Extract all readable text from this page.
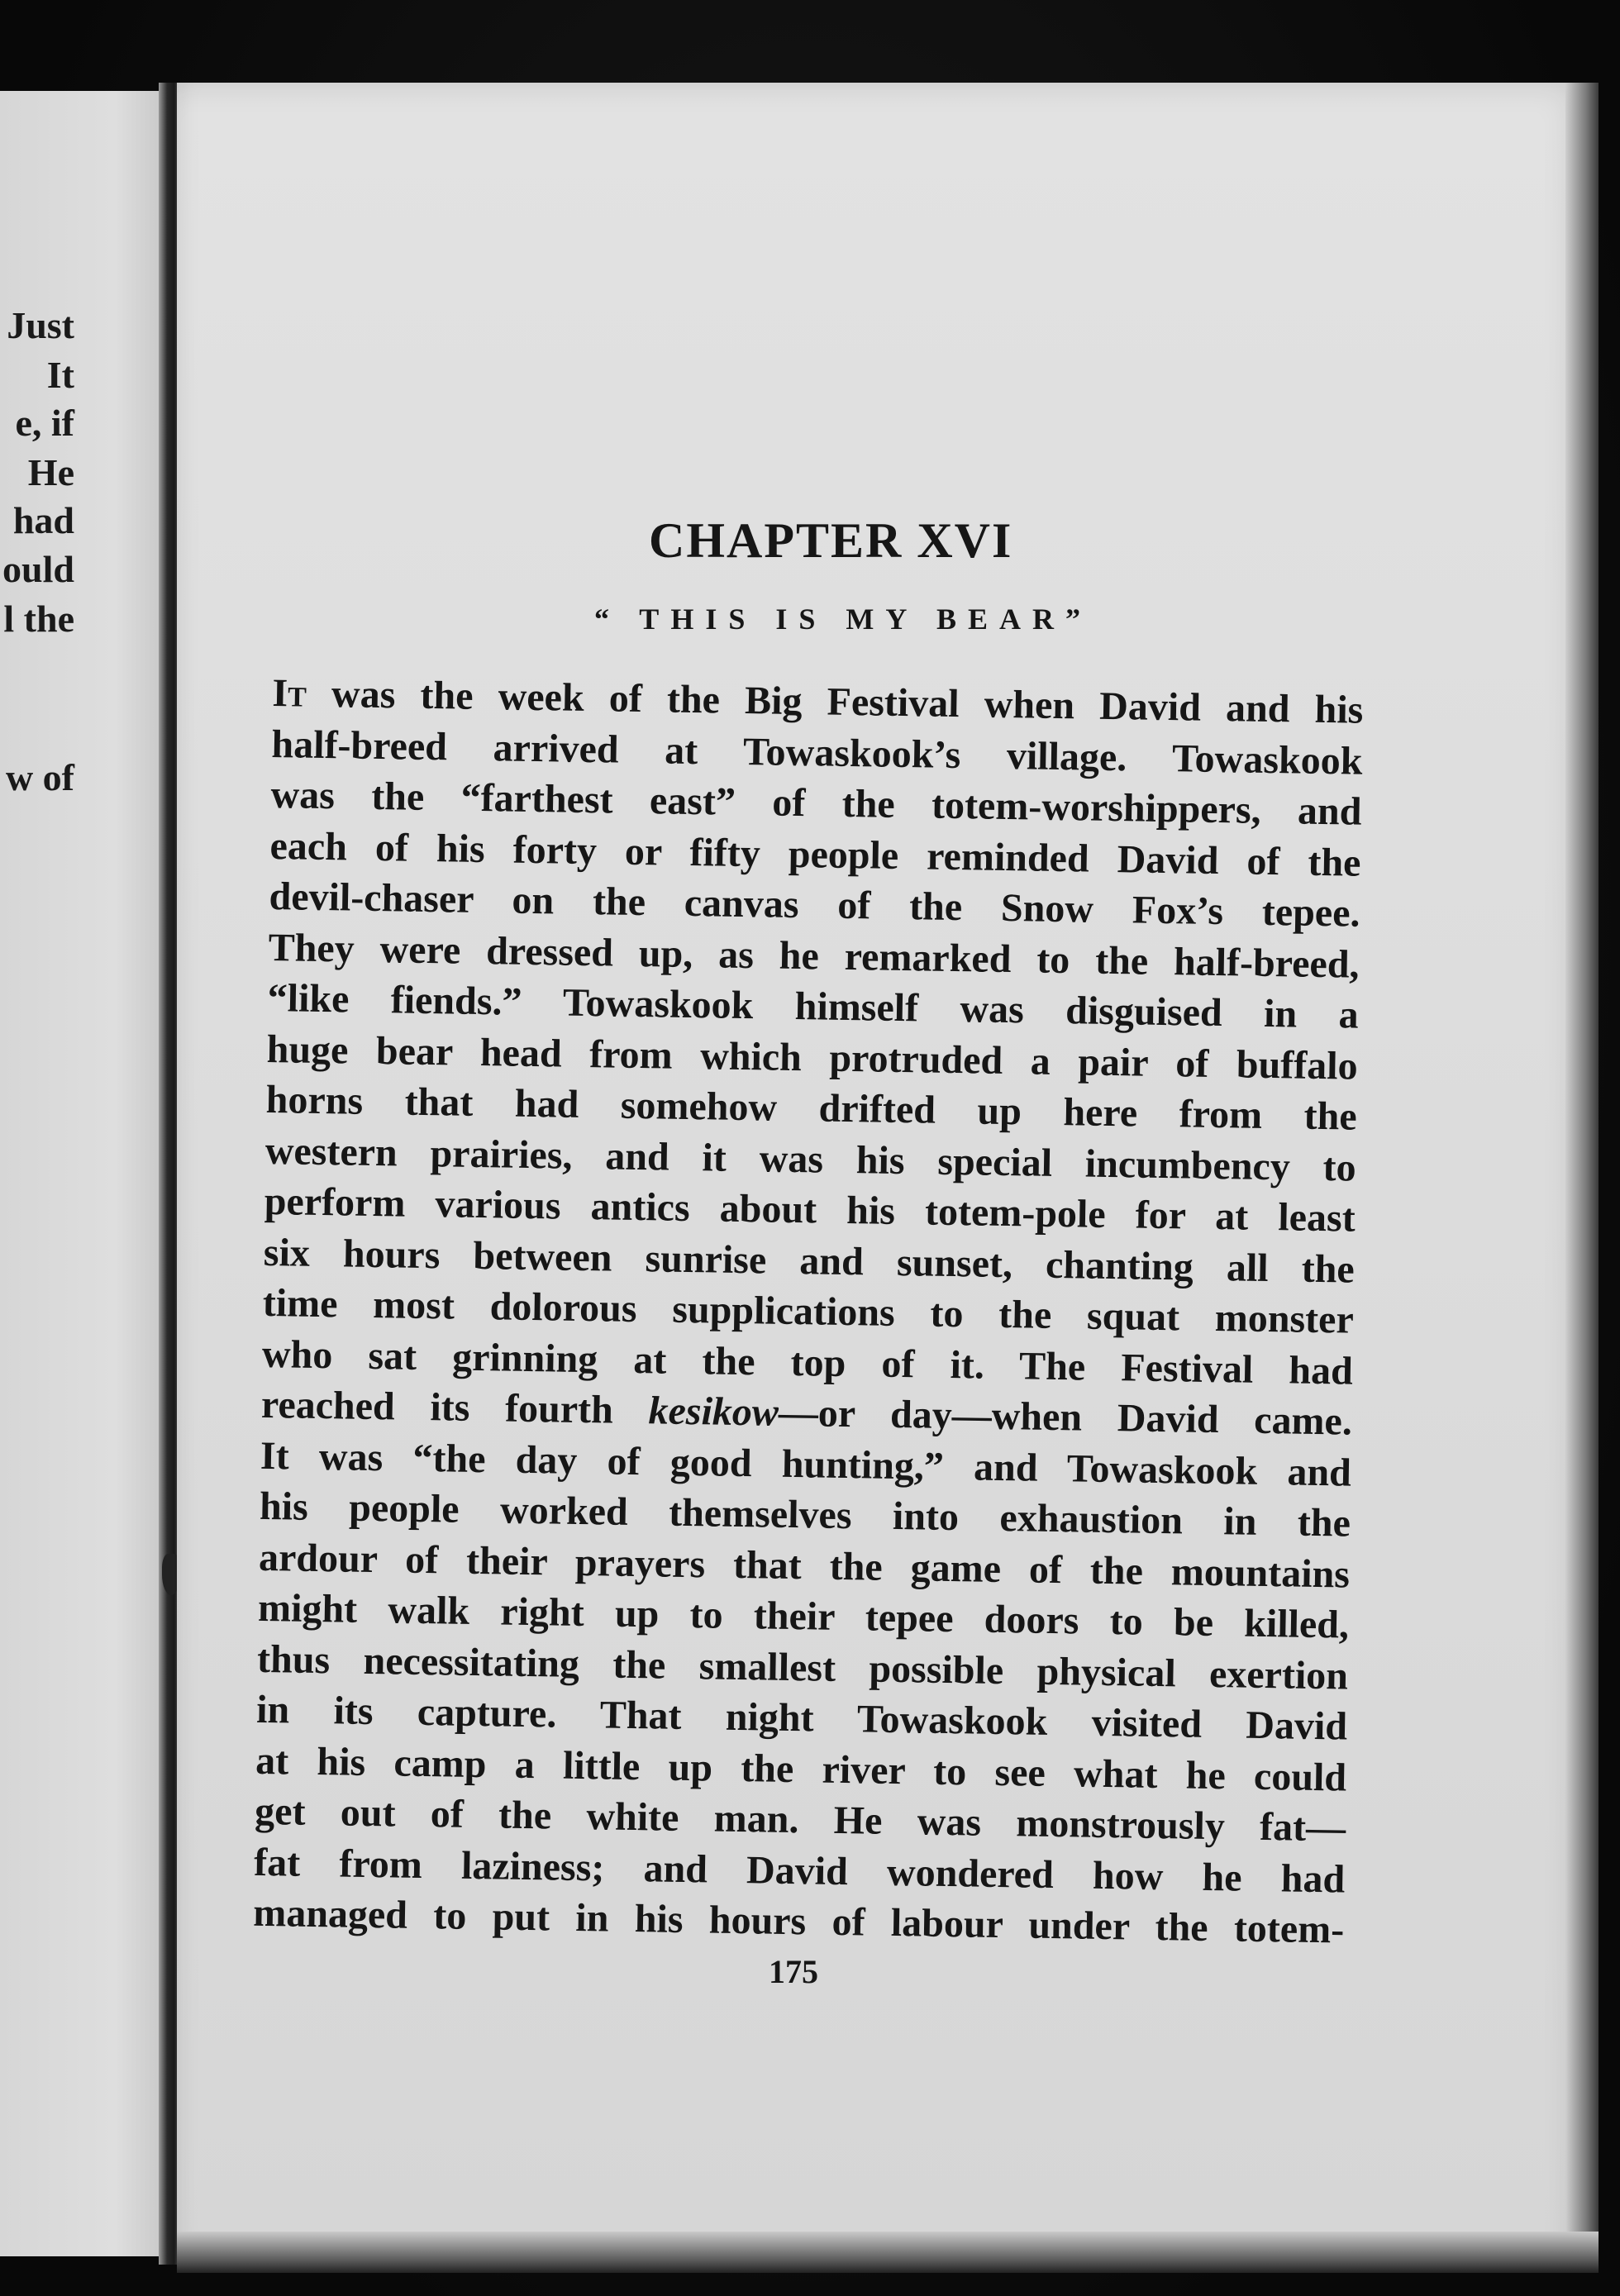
Just
It
e, if
He
had
ould
l the
w of
CHAPTER XVI
“ THIS IS MY BEAR”
It was the week of the Big Festival when David and his
half-breed arrived at Towaskook’s village. Towaskook
was the “farthest east” of the totem-worshippers, and
each of his forty or fifty people reminded David of the
devil-chaser on the canvas of the Snow Fox’s tepee.
They were dressed up, as he remarked to the half-breed,
“like fiends.” Towaskook himself was disguised in a
huge bear head from which protruded a pair of buffalo
horns that had somehow drifted up here from the
western prairies, and it was his special incumbency to
perform various antics about his totem-pole for at least
six hours between sunrise and sunset, chanting all the
time most dolorous supplications to the squat monster
who sat grinning at the top of it. The Festival had
reached its fourth kesikow—or day—when David came.
It was “the day of good hunting,” and Towaskook and
his people worked themselves into exhaustion in the
ardour of their prayers that the game of the mountains
might walk right up to their tepee doors to be killed,
thus necessitating the smallest possible physical exertion
in its capture. That night Towaskook visited David
at his camp a little up the river to see what he could
get out of the white man. He was monstrously fat—
fat from laziness; and David wondered how he had
managed to put in his hours of labour under the totem-
175
